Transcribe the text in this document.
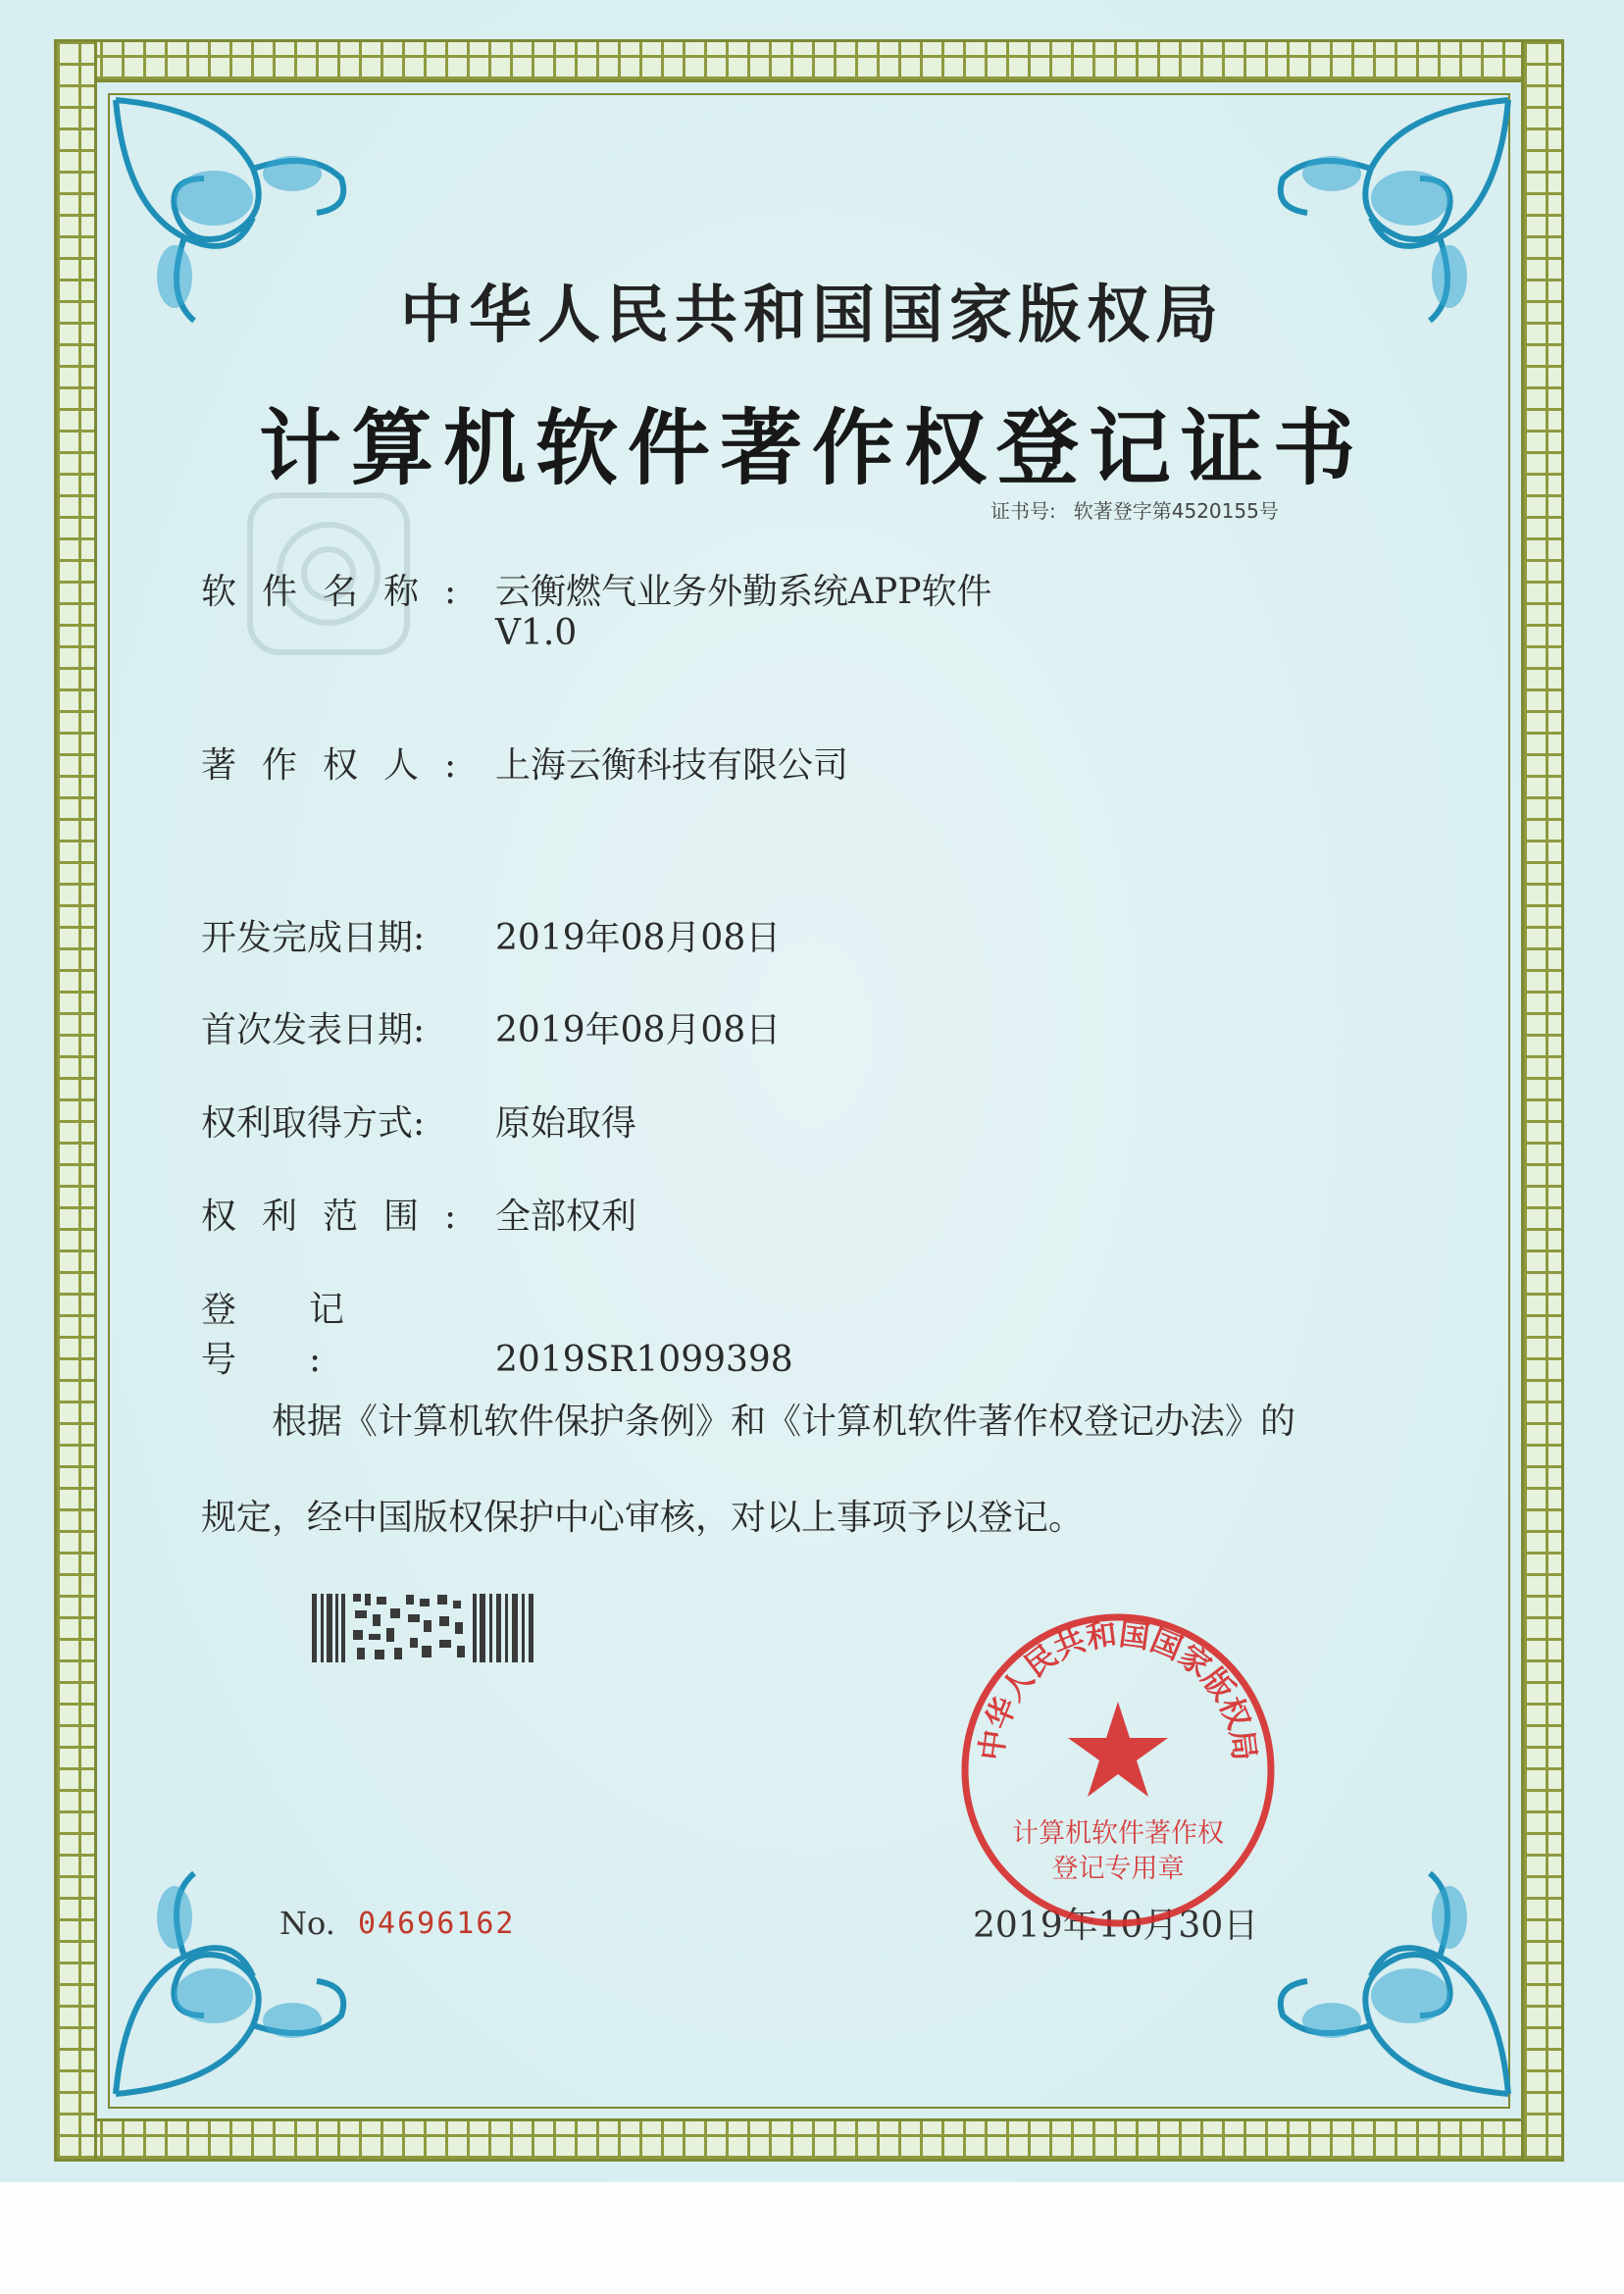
中华人民共和国国家版权局
计算机软件著作权登记证书
证书号: 软著登字第4520155号
软件名称: 云衡燃气业务外勤系统APP软件
V1.0
著作权人: 上海云衡科技有限公司
开发完成日期: 2019年08月08日
首次发表日期: 2019年08月08日
权利取得方式: 原始取得
权利范围: 全部权利
登记号:	2019SR1099398
根据《计算机软件保护条例》和《计算机软件著作权登记办法》的
规定，经中国版权保护中心审核，对以上事项予以登记。
No. 04696162	2019年10月30日
中华人民共和国国家版权局
计算机软件著作权
登记专用章
